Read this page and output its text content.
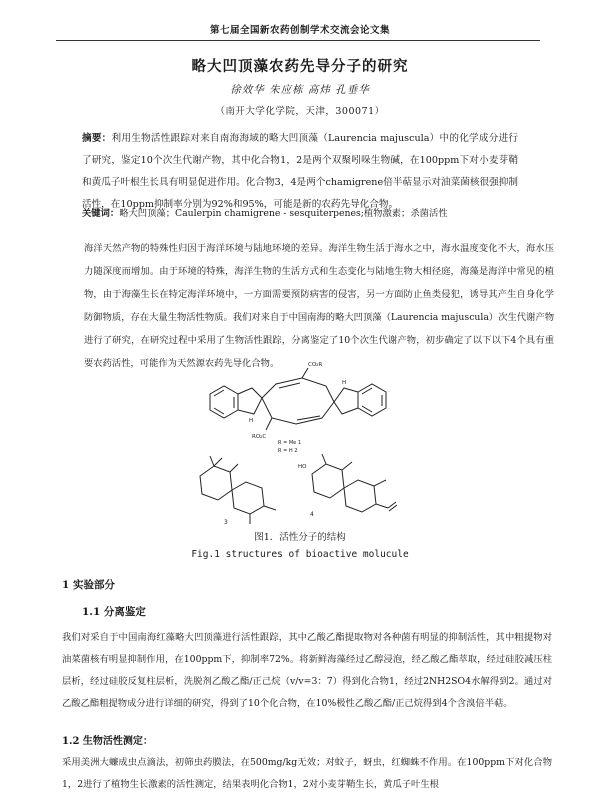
第七届全国新农药创制学术交流会论文集
略大凹顶藻农药先导分子的研究
徐效华 朱应栋 高炜 孔垂华
（南开大学化学院，天津，300071）
摘要：利用生物活性跟踪对来自南海海域的略大凹顶藻（Laurencia majuscula）中的化学成分进行了研究，鉴定10个次生代谢产物，其中化合物1，2是两个双聚吲哚生物碱，在100ppm下对小麦芽鞘和黄瓜子叶根生长具有明显促进作用。化合物3，4是两个chamigrene倍半萜显示对油菜菌核很强抑制活性，在10ppm抑制率分别为92%和95%，可能是新的农药先导化合物。
关键词：略大凹顶藻；Caulerpin chamigrene - sesquiterpenes;植物激素；杀菌活性

海洋天然产物的特殊性归因于海洋环境与陆地环境的差异。海洋生物生活于海水之中，海水温度变化不大，海水压力随深度而增加。由于环境的特殊，海洋生物的生活方式和生态变化与陆地生物大相径庭，海藻是海洋中常见的植物，由于海藻生长在特定海洋环境中，一方面需要预防病害的侵害，另一方面防止鱼类侵犯，诱导其产生自身化学防御物质，存在大量生物活性物质。我们对来自于中国南海的略大凹顶藻（Laurencia majuscula）次生代谢产物进行了研究，在研究过程中采用了生物活性跟踪，分离鉴定了10个次生代谢产物，初步确定了以下以下4个具有重要农药活性，可能作为天然源农药先导化合物。	CO₂R
RO₂C
H
H
R = Me 1
R = H 2
3
HO
4
图1．活性分子的结构
Fig.1 structures of bioactive molucule
1 实验部分
1.1 分离鉴定

我们对采自于中国南海红藻略大凹顶藻进行活性跟踪，其中乙酸乙酯提取物对各种菌有明显的抑制活性，其中粗提物对油菜菌核有明显抑制作用，在100ppm下，抑制率72%。将新鲜海藻经过乙醇浸泡，经乙酸乙酯萃取，经过硅胶减压柱层析，经过硅胶反复柱层析，洗脱剂乙酸乙酯/正己烷（v/v=3：7）得到化合物1，经过2NH2SO4水解得到2。通过对乙酸乙酯粗提物成分进行详细的研究，得到了10个化合物，在10%极性乙酸乙酯/正己烷得到4个含溴倍半萜。

1.2 生物活性测定：

采用美洲大蠊成虫点滴法，初筛虫药膜法，在500mg/kg无效；对蚊子，蚜虫，红蜘蛛不作用。在100ppm下对化合物1，2进行了植物生长激素的活性测定，结果表明化合物1，2对小麦芽鞘生长，黄瓜子叶生根
